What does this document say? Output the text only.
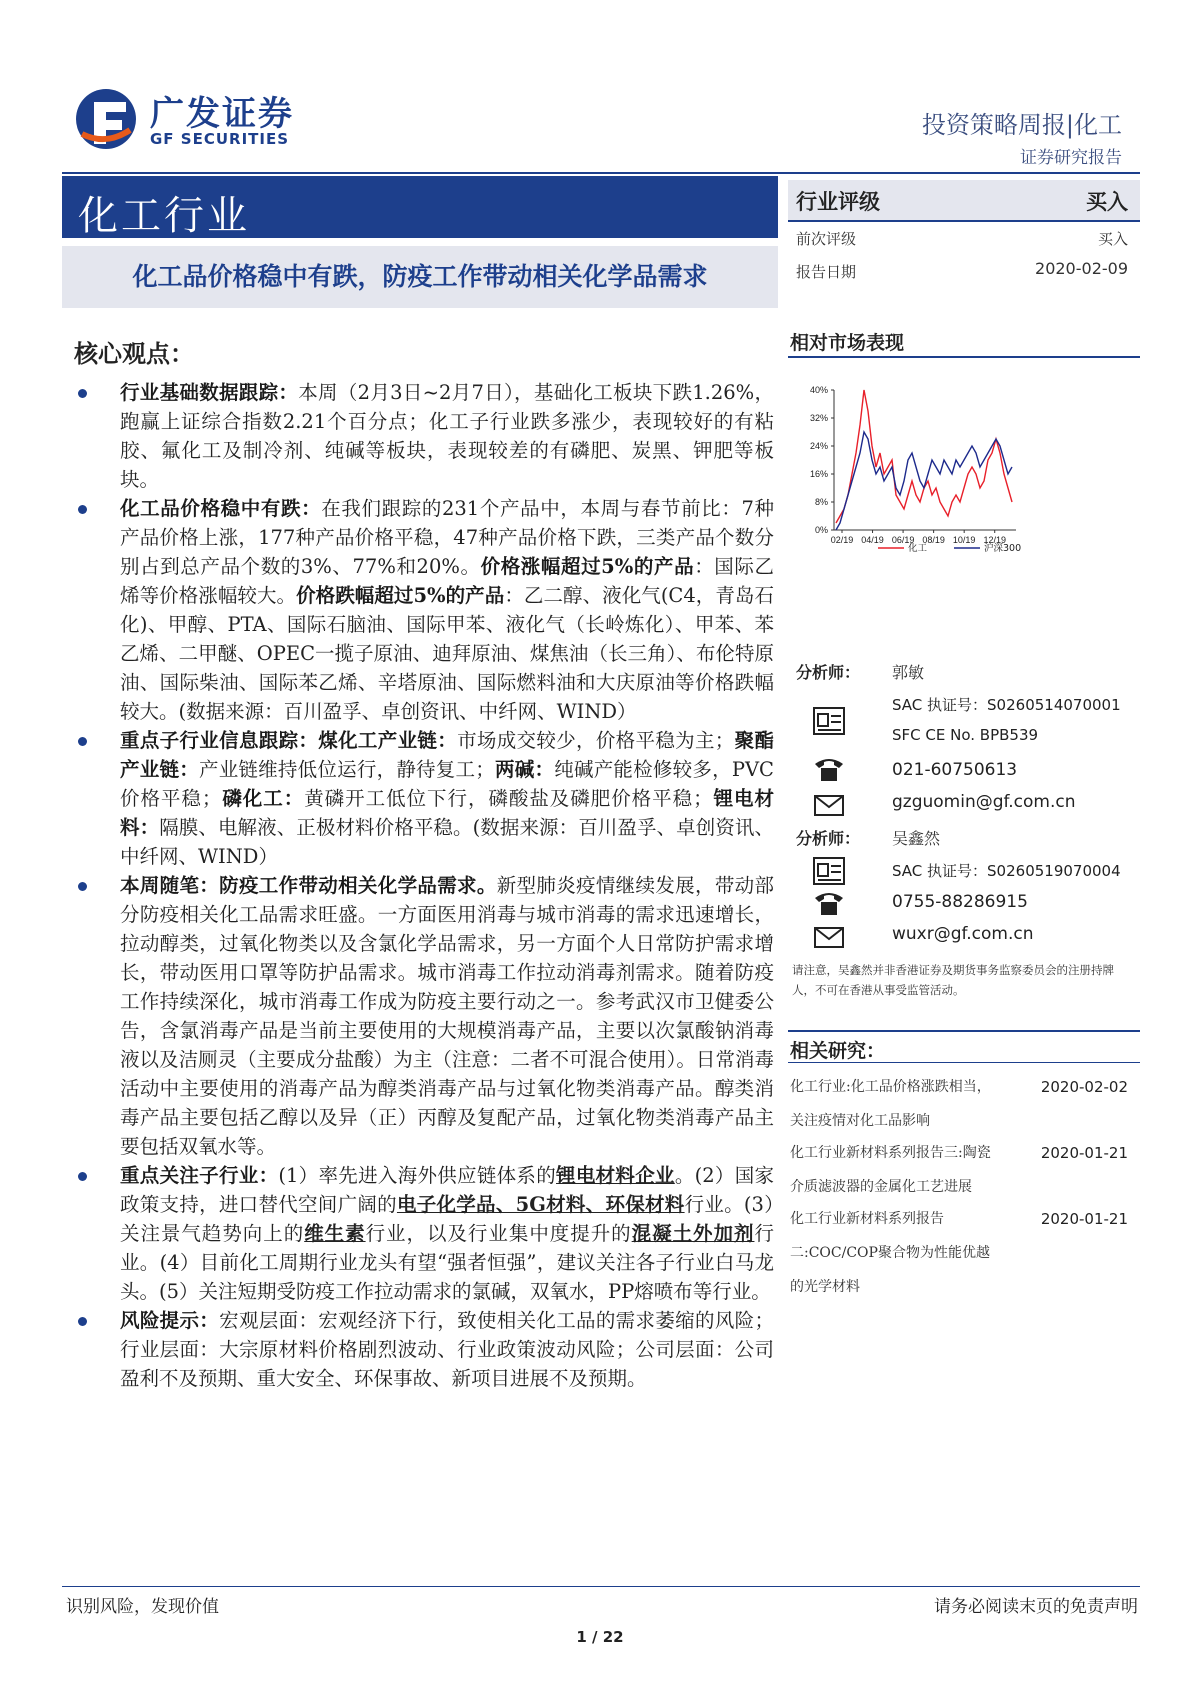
广发证券
GF SECURITIES	投资策略周报|化工
证券研究报告
化工行业
化工品价格稳中有跌，防疫工作带动相关化学品需求
行业评级	买入
前次评级	买入
报告日期	2020-02-09
核心观点：
行业基础数据跟踪：本周（2月3日~2月7日），基础化工板块下跌1.26%，跑赢上证综合指数2.21个百分点；化工子行业跌多涨少，表现较好的有粘胶、氟化工及制冷剂、纯碱等板块，表现较差的有磷肥、炭黑、钾肥等板块。
化工品价格稳中有跌：在我们跟踪的231个产品中，本周与春节前比：7种产品价格上涨，177种产品价格平稳，47种产品价格下跌，三类产品个数分别占到总产品个数的3%、77%和20%。价格涨幅超过5%的产品：国际乙烯等价格涨幅较大。价格跌幅超过5%的产品：乙二醇、液化气(C4，青岛石化)、甲醇、PTA、国际石脑油、国际甲苯、液化气（长岭炼化）、甲苯、苯乙烯、二甲醚、OPEC一揽子原油、迪拜原油、煤焦油（长三角）、布伦特原油、国际柴油、国际苯乙烯、辛塔原油、国际燃料油和大庆原油等价格跌幅较大。(数据来源：百川盈孚、卓创资讯、中纤网、WIND）
重点子行业信息跟踪：煤化工产业链：市场成交较少，价格平稳为主；聚酯产业链：产业链维持低位运行，静待复工；两碱：纯碱产能检修较多，PVC价格平稳；磷化工：黄磷开工低位下行，磷酸盐及磷肥价格平稳；锂电材料：隔膜、电解液、正极材料价格平稳。(数据来源：百川盈孚、卓创资讯、中纤网、WIND）
本周随笔：防疫工作带动相关化学品需求。新型肺炎疫情继续发展，带动部分防疫相关化工品需求旺盛。一方面医用消毒与城市消毒的需求迅速增长，拉动醇类，过氧化物类以及含氯化学品需求，另一方面个人日常防护需求增长，带动医用口罩等防护品需求。城市消毒工作拉动消毒剂需求。随着防疫工作持续深化，城市消毒工作成为防疫主要行动之一。参考武汉市卫健委公告，含氯消毒产品是当前主要使用的大规模消毒产品，主要以次氯酸钠消毒液以及洁厕灵（主要成分盐酸）为主（注意：二者不可混合使用）。日常消毒活动中主要使用的消毒产品为醇类消毒产品与过氧化物类消毒产品。醇类消毒产品主要包括乙醇以及异（正）丙醇及复配产品，过氧化物类消毒产品主要包括双氧水等。
重点关注子行业：(1）率先进入海外供应链体系的锂电材料企业。(2）国家政策支持，进口替代空间广阔的电子化学品、5G材料、环保材料行业。(3）关注景气趋势向上的维生素行业，以及行业集中度提升的混凝土外加剂行业。(4）目前化工周期行业龙头有望“强者恒强”，建议关注各子行业白马龙头。(5）关注短期受防疫工作拉动需求的氯碱，双氧水，PP熔喷布等行业。
风险提示：宏观层面：宏观经济下行，致使相关化工品的需求萎缩的风险；行业层面：大宗原材料价格剧烈波动、行业政策波动风险；公司层面：公司盈利不及预期、重大安全、环保事故、新项目进展不及预期。
相对市场表现
0%
8%
16%
24%
32%
40%
02/19 04/19 06/19 08/19 10/19 12/19
化工	沪深300
分析师： 郭敏
SAC 执证号：S0260514070001
SFC CE No. BPB539
021-60750613
gzguomin@gf.com.cn
分析师： 吴鑫然
SAC 执证号：S0260519070004
0755-88286915
wuxr@gf.com.cn
请注意，吴鑫然并非香港证券及期货事务监察委员会的注册持牌人，不可在香港从事受监管活动。
相关研究：
化工行业:化工品价格涨跌相当，
关注疫情对化工品影响
2020-02-02
化工行业新材料系列报告三:陶瓷
介质滤波器的金属化工艺进展
2020-01-21
化工行业新材料系列报告
二:COC/COP聚合物为性能优越
的光学材料
2020-01-21
识别风险，发现价值	请务必阅读末页的免责声明
1 / 22
